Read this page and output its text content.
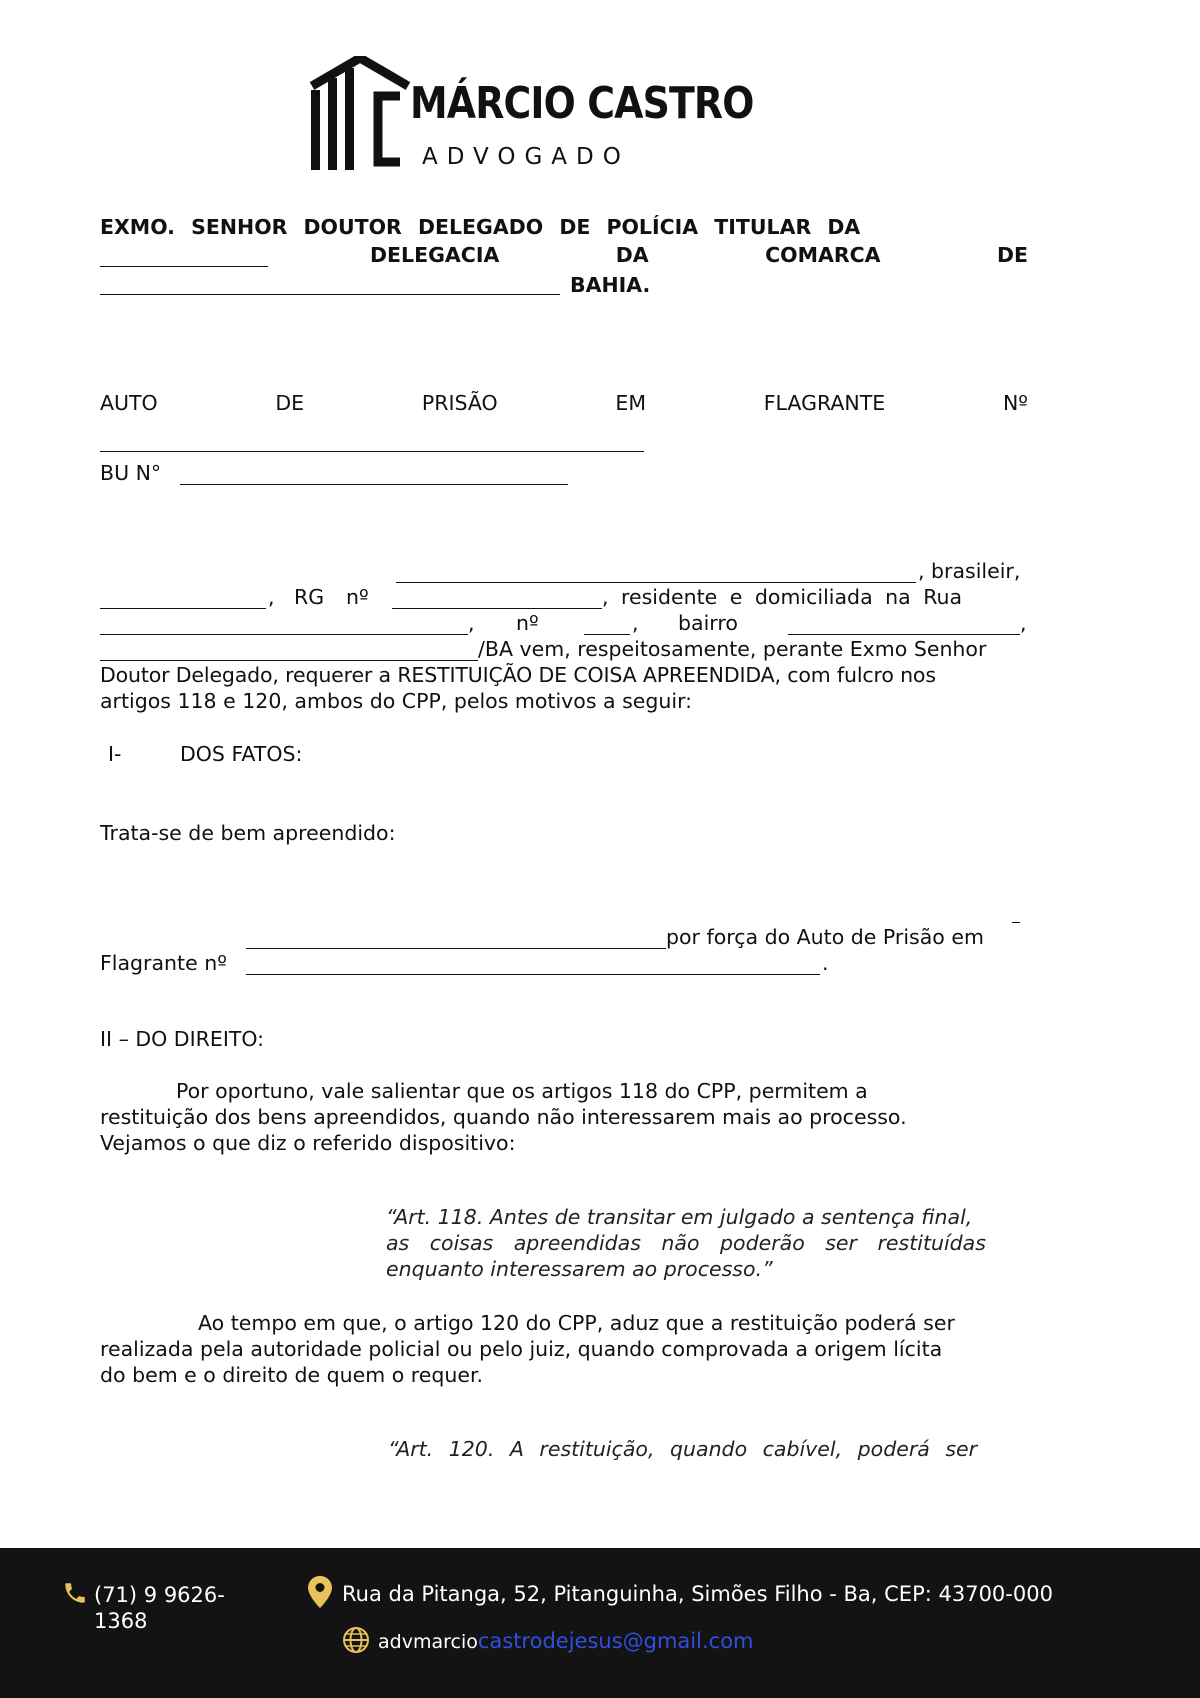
MÁRCIO CASTRO
ADVOGADO
EXMO. SENHOR DOUTOR DELEGADO DE POLÍCIA TITULAR DA
DELEGACIA	DA	COMARCA	DE
BAHIA.
AUTO	DE	PRISÃO	EM	FLAGRANTE	Nº
BU N°
, brasileir,
, RG nº	, residente e domiciliada na Rua
, nº	, bairro	,
/BA vem, respeitosamente, perante Exmo Senhor
Doutor Delegado, requerer a RESTITUIÇÃO DE COISA APREENDIDA, com fulcro nos
artigos 118 e 120, ambos do CPP, pelos motivos a seguir:
I-	DOS FATOS:
Trata-se de bem apreendido:
por força do Auto de Prisão em
Flagrante nº	.
II – DO DIREITO:
Por oportuno, vale salientar que os artigos 118 do CPP, permitem a
restituição dos bens apreendidos, quando não interessarem mais ao processo.
Vejamos o que diz o referido dispositivo:
“Art. 118. Antes de transitar em julgado a sentença final,
as coisas apreendidas não poderão ser restituídas
enquanto interessarem ao processo.”
Ao tempo em que, o artigo 120 do CPP, aduz que a restituição poderá ser
realizada pela autoridade policial ou pelo juiz, quando comprovada a origem lícita
do bem e o direito de quem o requer.
“Art. 120. A restituição, quando cabível, poderá ser
(71) 9 9626-
1368
Rua da Pitanga, 52, Pitanguinha, Simões Filho - Ba, CEP: 43700-000
advmarciocastrodejesus@gmail.com
